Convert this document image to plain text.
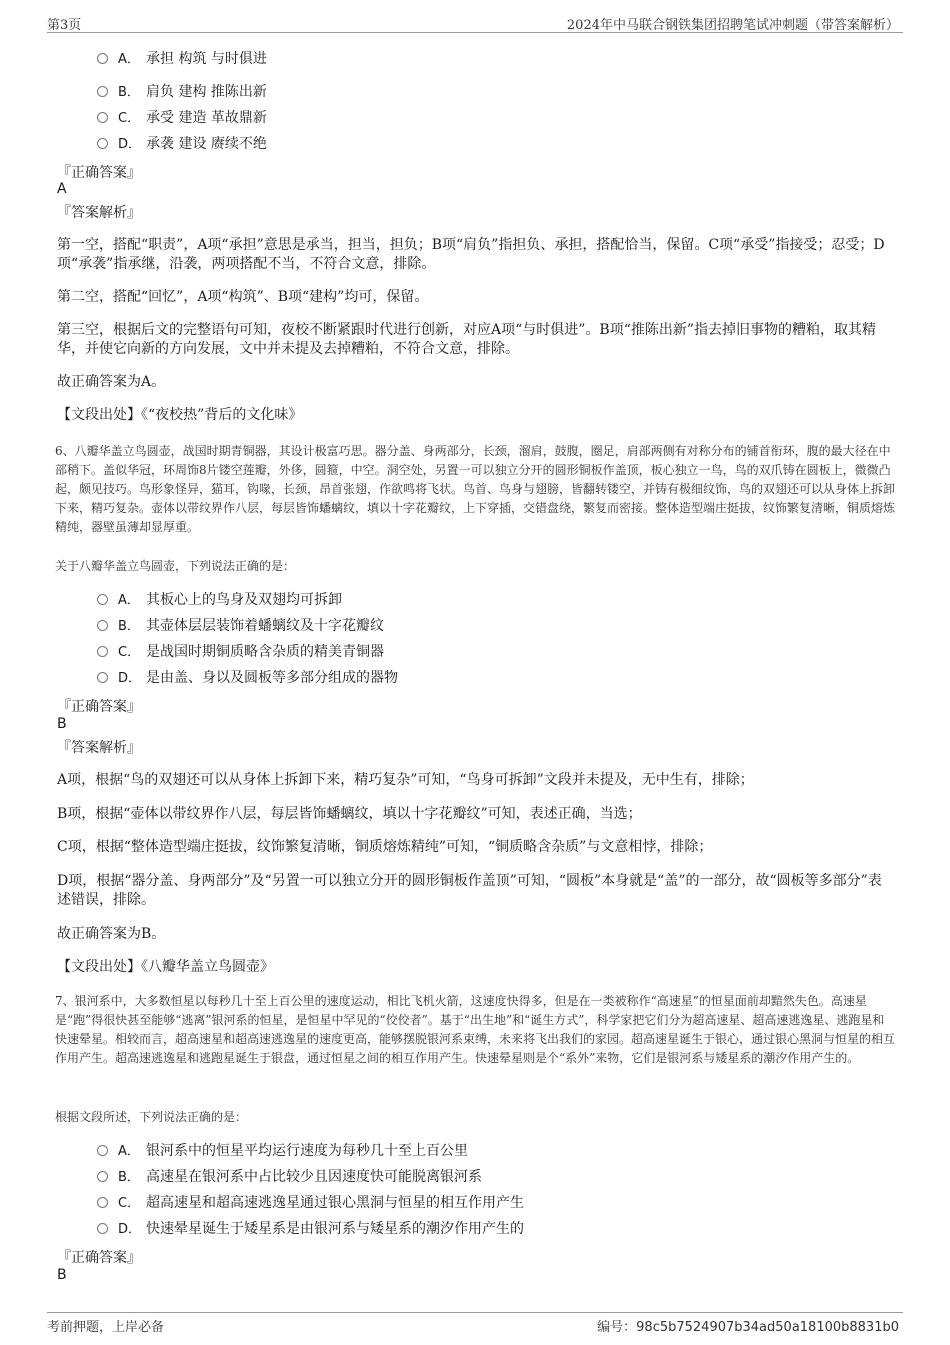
第3页	2024年中马联合钢铁集团招聘笔试冲刺题（带答案解析）
A． 承担 构筑 与时俱进
B． 肩负 建构 推陈出新
C． 承受 建造 革故鼎新
D． 承袭 建设 赓续不绝
『正确答案』
A
『答案解析』
第一空，搭配“职责”，A项“承担”意思是承当，担当，担负；B项“肩负”指担负、承担，搭配恰当，保留。C项“承受”指接受；忍受；D项“承袭”指承继，沿袭，两项搭配不当，不符合文意，排除。
第二空，搭配“回忆”，A项“构筑”、B项“建构”均可，保留。
第三空，根据后文的完整语句可知，夜校不断紧跟时代进行创新，对应A项“与时俱进”。B项“推陈出新”指去掉旧事物的糟粕，取其精华，并使它向新的方向发展，文中并未提及去掉糟粕，不符合文意，排除。
故正确答案为A。
【文段出处】《“夜校热”背后的文化味》
6、八瓣华盖立鸟圆壶，战国时期青铜器，其设计极富巧思。器分盖、身两部分，长颈，溜肩，鼓腹，圈足，肩部两侧有对称分布的铺首衔环，腹的最大径在中部稍下。盖似华冠，环周饰8片镂空莲瓣，外侈，圆箍，中空。洞空处，另置一可以独立分开的圆形铜板作盖顶，板心独立一鸟，鸟的双爪铸在圆板上，微微凸起，颇见技巧。鸟形象怪异，猫耳，钩喙，长颈，昂首张翅，作欲鸣将飞状。鸟首、鸟身与翅膀，皆翻转镂空，并铸有极细纹饰，鸟的双翅还可以从身体上拆卸下来，精巧复杂。壶体以带纹界作八层，每层皆饰蟠螭纹，填以十字花瓣纹，上下穿插，交错盘绕，繁复而密接。整体造型端庄挺拔，纹饰繁复清晰，铜质熔炼精纯，器壁虽薄却显厚重。
关于八瓣华盖立鸟圆壶，下列说法正确的是：
A． 其板心上的鸟身及双翅均可拆卸
B． 其壶体层层装饰着蟠螭纹及十字花瓣纹
C． 是战国时期铜质略含杂质的精美青铜器
D． 是由盖、身以及圆板等多部分组成的器物
『正确答案』
B
『答案解析』
A项，根据“鸟的双翅还可以从身体上拆卸下来，精巧复杂”可知，“鸟身可拆卸”文段并未提及，无中生有，排除；
B项，根据“壶体以带纹界作八层，每层皆饰蟠螭纹，填以十字花瓣纹”可知，表述正确，当选；
C项，根据“整体造型端庄挺拔，纹饰繁复清晰，铜质熔炼精纯”可知，“铜质略含杂质”与文意相悖，排除；
D项，根据“器分盖、身两部分”及“另置一可以独立分开的圆形铜板作盖顶”可知，“圆板”本身就是“盖”的一部分，故“圆板等多部分”表述错误，排除。
故正确答案为B。
【文段出处】《八瓣华盖立鸟圆壶》
7、银河系中，大多数恒星以每秒几十至上百公里的速度运动，相比飞机火箭，这速度快得多，但是在一类被称作“高速星”的恒星面前却黯然失色。高速星是“跑”得很快甚至能够“逃离”银河系的恒星，是恒星中罕见的“佼佼者”。基于“出生地”和“诞生方式”，科学家把它们分为超高速星、超高速逃逸星、逃跑星和快速晕星。相较而言，超高速星和超高速逃逸星的速度更高，能够摆脱银河系束缚，未来将飞出我们的家园。超高速星诞生于银心，通过银心黑洞与恒星的相互作用产生。超高速逃逸星和逃跑星诞生于银盘，通过恒星之间的相互作用产生。快速晕星则是个“系外”来物，它们是银河系与矮星系的潮汐作用产生的。
根据文段所述，下列说法正确的是：
A． 银河系中的恒星平均运行速度为每秒几十至上百公里
B． 高速星在银河系中占比较少且因速度快可能脱离银河系
C． 超高速星和超高速逃逸星通过银心黑洞与恒星的相互作用产生
D． 快速晕星诞生于矮星系是由银河系与矮星系的潮汐作用产生的
『正确答案』
B
考前押题，上岸必备	编号：98c5b7524907b34ad50a18100b8831b0
